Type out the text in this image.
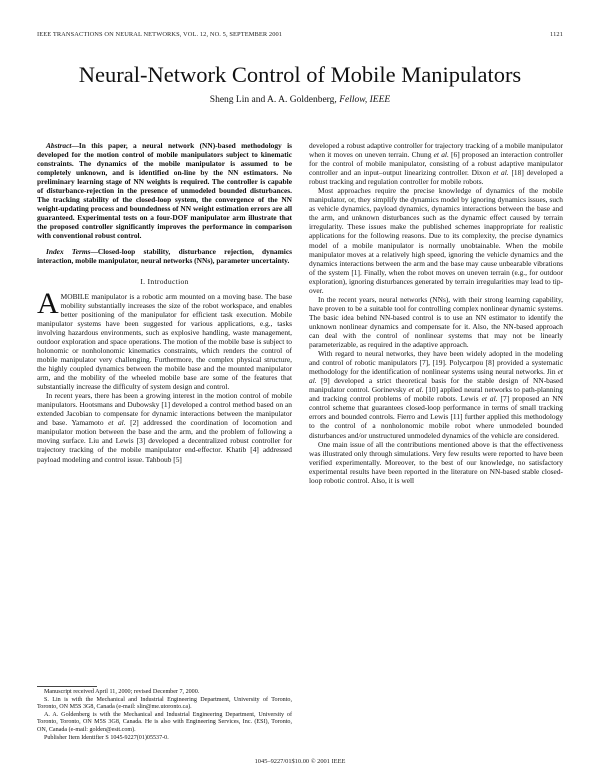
IEEE TRANSACTIONS ON NEURAL NETWORKS, VOL. 12, NO. 5, SEPTEMBER 2001	1121
Neural-Network Control of Mobile Manipulators
Sheng Lin and A. A. Goldenberg, Fellow, IEEE

Abstract—In this paper, a neural network (NN)-based methodology is developed for the motion control of mobile manipulators subject to kinematic constraints. The dynamics of the mobile manipulator is assumed to be completely unknown, and is identified on-line by the NN estimators. No preliminary learning stage of NN weights is required. The controller is capable of disturbance-rejection in the presence of unmodeled bounded disturbances. The tracking stability of the closed-loop system, the convergence of the NN weight-updating process and boundedness of NN weight estimation errors are all guaranteed. Experimental tests on a four-DOF manipulator arm illustrate that the proposed controller significantly improves the performance in comparison with conventional robust control.

Index Terms—Closed-loop stability, disturbance rejection, dynamics interaction, mobile manipulator, neural networks (NNs), parameter uncertainty.

I. Introduction

AMOBILE manipulator is a robotic arm mounted on a moving base. The base mobility substantially increases the size of the robot workspace, and enables better positioning of the manipulator for efficient task execution. Mobile manipulator systems have been suggested for various applications, e.g., tasks involving hazardous environments, such as explosive handling, waste management, outdoor exploration and space operations. The motion of the mobile base is subject to holonomic or nonholonomic kinematics constraints, which renders the control of mobile manipulator very challenging. Furthermore, the complex physical structure, the highly coupled dynamics between the mobile base and the mounted manipulator arm, and the mobility of the wheeled mobile base are some of the features that substantially increase the difficulty of system design and control.

In recent years, there has been a growing interest in the motion control of mobile manipulators. Hootsmans and Dubowsky [1] developed a control method based on an extended Jacobian to compensate for dynamic interactions between the manipulator and base. Yamamoto et al. [2] addressed the coordination of locomotion and manipulator motion between the base and the arm, and the problem of following a moving surface. Liu and Lewis [3] developed a decentralized robust controller for trajectory tracking of the mobile manipulator end-effector. Khatib [4] addressed payload modeling and control issue. Tahboub [5]

Manuscript received April 11, 2000; revised December 7, 2000.

S. Lin is with the Mechanical and Industrial Engineering Department, University of Toronto, Toronto, ON M5S 3G8, Canada (e-mail: slin@me.utoronto.ca).

A. A. Goldenberg is with the Mechanical and Industrial Engineering Department, University of Toronto, Toronto, ON M5S 3G8, Canada. He is also with Engineering Services, Inc. (ESI), Toronto, ON, Canada (e-mail: golden@esit.com).

Publisher Item Identifier S 1045-9227(01)05537-0.

developed a robust adaptive controller for trajectory tracking of a mobile manipulator when it moves on uneven terrain. Chung et al. [6] proposed an interaction controller for the control of mobile manipulator, consisting of a robust adaptive manipulator controller and an input–output linearizing controller. Dixon et al. [18] developed a robust tracking and regulation controller for mobile robots.

Most approaches require the precise knowledge of dynamics of the mobile manipulator, or, they simplify the dynamics model by ignoring dynamics issues, such as vehicle dynamics, payload dynamics, dynamics interactions between the base and the arm, and unknown disturbances such as the dynamic effect caused by terrain irregularity. These issues make the published schemes inappropriate for realistic applications for the following reasons. Due to its complexity, the precise dynamics model of a mobile manipulator is normally unobtainable. When the mobile manipulator moves at a relatively high speed, ignoring the vehicle dynamics and the dynamics interactions between the arm and the base may cause unbearable vibrations of the system [1]. Finally, when the robot moves on uneven terrain (e.g., for outdoor exploration), ignoring disturbances generated by terrain irregularities may lead to tip-over.

In the recent years, neural networks (NNs), with their strong learning capability, have proven to be a suitable tool for controlling complex nonlinear dynamic systems. The basic idea behind NN-based control is to use an NN estimator to identify the unknown nonlinear dynamics and compensate for it. Also, the NN-based approach can deal with the control of nonlinear systems that may not be linearly parameterizable, as required in the adaptive approach.

With regard to neural networks, they have been widely adopted in the modeling and control of robotic manipulators [7], [19]. Polycarpou [8] provided a systematic methodology for the identification of nonlinear systems using neural networks. Jin et al. [9] developed a strict theoretical basis for the stable design of NN-based manipulator control. Gorinevsky et al. [10] applied neural networks to path-planning and tracking control problems of mobile robots. Lewis et al. [7] proposed an NN control scheme that guarantees closed-loop performance in terms of small tracking errors and bounded controls. Fierro and Lewis [11] further applied this methodology to the control of a nonholonomic mobile robot where unmodeled bounded disturbances and/or unstructured unmodeled dynamics of the vehicle are considered.

One main issue of all the contributions mentioned above is that the effectiveness was illustrated only through simulations. Very few results were reported to have been verified experimentally. Moreover, to the best of our knowledge, no satisfactory experimental results have been reported in the literature on NN-based stable closed-loop robotic control. Also, it is well

1045–9227/01$10.00 © 2001 IEEE
